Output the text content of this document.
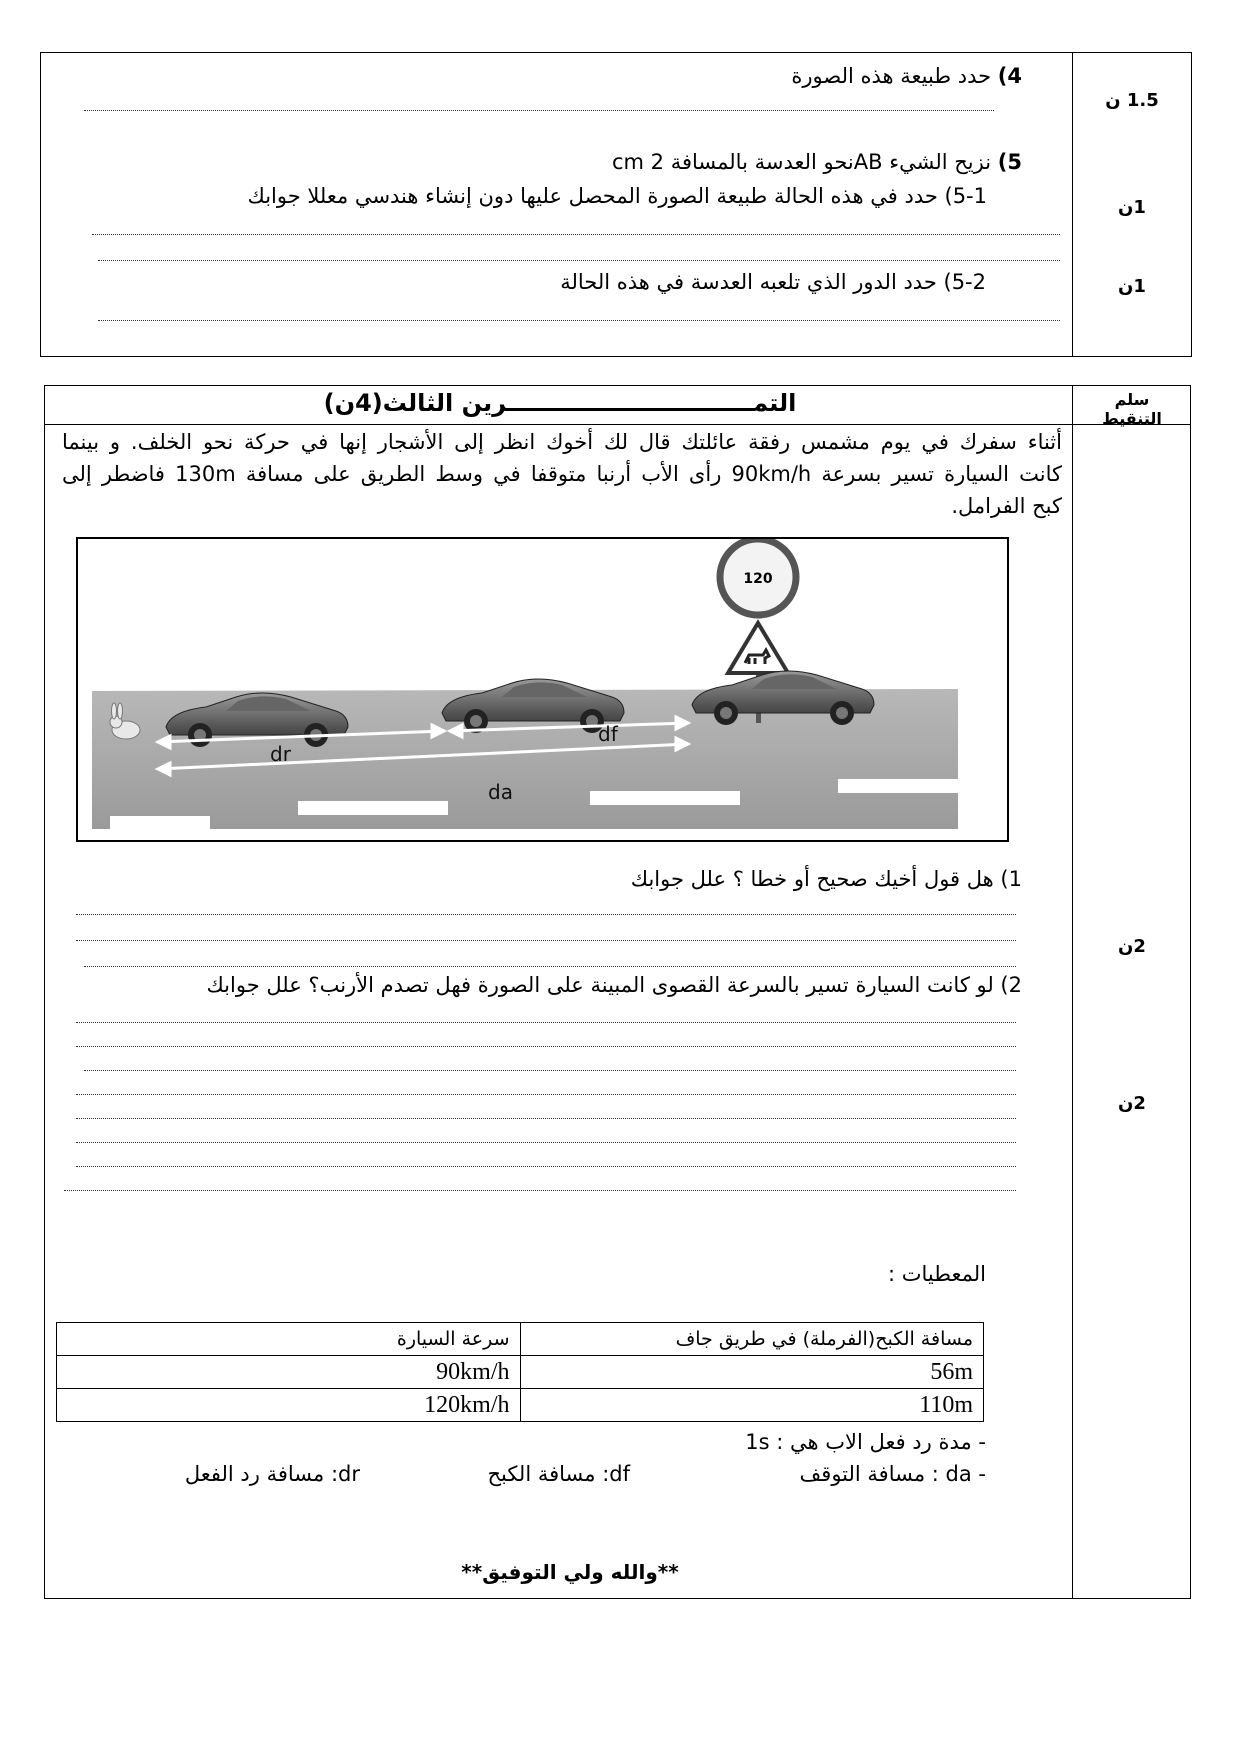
1.5 ن
1ن
1ن
4) حدد طبيعة هذه الصورة
5) نزيح الشيء ABنحو العدسة بالمسافة 2 cm
5-1) حدد في هذه الحالة طبيعة الصورة المحصل عليها دون إنشاء هندسي معللا جوابك
5-2) حدد الدور الذي تلعبه العدسة في هذه الحالة
سلم التنقيط
التمــــــــــــــــــــــــــــــرين الثالث(4ن)
أثناء سفرك في يوم مشمس رفقة عائلتك قال لك أخوك انظر إلى الأشجار إنها في حركة نحو الخلف. و بينما
كانت السيارة تسير بسرعة 90km/h رأى الأب أرنبا متوقفا في وسط الطريق على مسافة 130m فاضطر إلى
كبح الفرامل.
120
dr
df
da
1) هل قول أخيك صحيح أو خطا ؟ علل جوابك
2ن
2) لو كانت السيارة تسير بالسرعة القصوى المبينة على الصورة فهل تصدم الأرنب؟ علل جوابك
2ن
المعطيات :
سرعة السيارة	مسافة الكبح(الفرملة) في طريق جاف
90km/h	56m
120km/h	110m
- مدة رد فعل الاب هي : 1s
- da : مسافة التوقف
df: مسافة الكبح
dr: مسافة رد الفعل
**والله ولي التوفيق**
